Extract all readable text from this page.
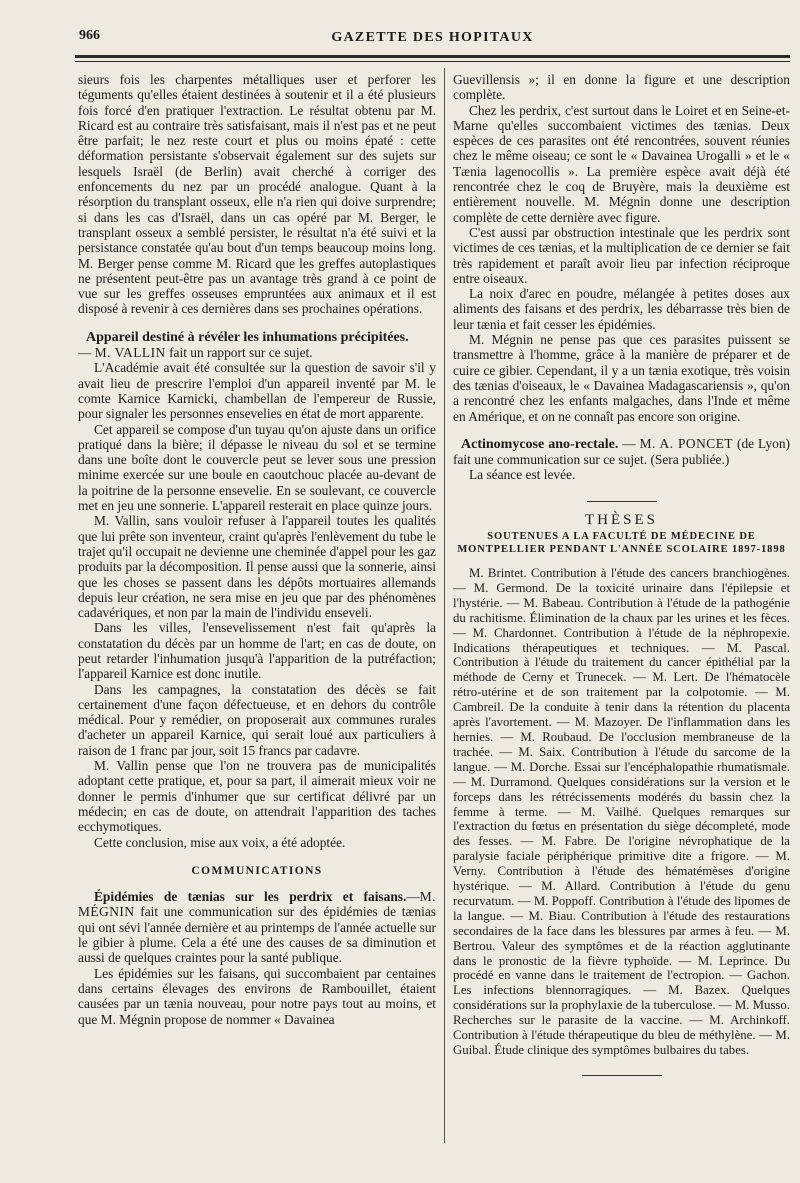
966	GAZETTE DES HOPITAUX

sieurs fois les charpentes métalliques user et perforer les téguments qu'elles étaient destinées à soutenir et il a été plusieurs fois forcé d'en pratiquer l'extraction. Le résultat obtenu par M. Ricard est au contraire très satisfaisant, mais il n'est pas et ne peut être parfait; le nez reste court et plus ou moins épaté : cette déformation persistante s'observait également sur des sujets sur lesquels Israël (de Berlin) avait cherché à corriger des enfoncements du nez par un procédé analogue. Quant à la résorption du transplant osseux, elle n'a rien qui doive surprendre; si dans les cas d'Israël, dans un cas opéré par M. Berger, le transplant osseux a semblé persister, le résultat n'a été suivi et la persistance constatée qu'au bout d'un temps beaucoup moins long. M. Berger pense comme M. Ricard que les greffes autoplastiques ne présentent peut-être pas un avantage très grand à ce point de vue sur les greffes osseuses empruntées aux animaux et il est disposé à revenir à ces dernières dans ses prochaines opérations.

Appareil destiné à révéler les inhumations précipitées.

— M. VALLIN fait un rapport sur ce sujet.

L'Académie avait été consultée sur la question de savoir s'il y avait lieu de prescrire l'emploi d'un appareil inventé par M. le comte Karnice Karnicki, chambellan de l'empereur de Russie, pour signaler les personnes ensevelies en état de mort apparente.

Cet appareil se compose d'un tuyau qu'on ajuste dans un orifice pratiqué dans la bière; il dépasse le niveau du sol et se termine dans une boîte dont le couvercle peut se lever sous une pression minime exercée sur une boule en caoutchouc placée au-devant de la poitrine de la personne ensevelie. En se soulevant, ce couvercle met en jeu une sonnerie. L'appareil resterait en place quinze jours.

M. Vallin, sans vouloir refuser à l'appareil toutes les qualités que lui prête son inventeur, craint qu'après l'enlèvement du tube le trajet qu'il occupait ne devienne une cheminée d'appel pour les gaz produits par la décomposition. Il pense aussi que la sonnerie, ainsi que les choses se passent dans les dépôts mortuaires allemands depuis leur création, ne sera mise en jeu que par des phénomènes cadavériques, et non par la main de l'individu enseveli.

Dans les villes, l'ensevelissement n'est fait qu'après la constatation du décès par un homme de l'art; en cas de doute, on peut retarder l'inhumation jusqu'à l'apparition de la putréfaction; l'appareil Karnice est donc inutile.

Dans les campagnes, la constatation des décès se fait certainement d'une façon défectueuse, et en dehors du contrôle médical. Pour y remédier, on proposerait aux communes rurales d'acheter un appareil Karnice, qui serait loué aux particuliers à raison de 1 franc par jour, soit 15 francs par cadavre.

M. Vallin pense que l'on ne trouvera pas de municipalités adoptant cette pratique, et, pour sa part, il aimerait mieux voir ne donner le permis d'inhumer que sur certificat délivré par un médecin; en cas de doute, on attendrait l'apparition des taches ecchymotiques.

Cette conclusion, mise aux voix, a été adoptée.

COMMUNICATIONS

Épidémies de tænias sur les perdrix et faisans.—M. MÉGNIN fait une communication sur des épidémies de tænias qui ont sévi l'année dernière et au printemps de l'année actuelle sur le gibier à plume. Cela a été une des causes de sa diminution et aussi de quelques craintes pour la santé publique.

Les épidémies sur les faisans, qui succombaient par centaines dans certains élevages des environs de Rambouillet, étaient causées par un tænia nouveau, pour notre pays tout au moins, et que M. Mégnin propose de nommer « Davainea

Guevillensis »; il en donne la figure et une description complète.

Chez les perdrix, c'est surtout dans le Loiret et en Seine-et-Marne qu'elles succombaient victimes des tænias. Deux espèces de ces parasites ont été rencontrées, souvent réunies chez le même oiseau; ce sont le « Davainea Urogalli » et le « Tænia lagenocollis ». La première espèce avait déjà été rencontrée chez le coq de Bruyère, mais la deuxième est entièrement nouvelle. M. Mégnin donne une description complète de cette dernière avec figure.

C'est aussi par obstruction intestinale que les perdrix sont victimes de ces tænias, et la multiplication de ce dernier se fait très rapidement et paraît avoir lieu par infection réciproque entre oiseaux.

La noix d'arec en poudre, mélangée à petites doses aux aliments des faisans et des perdrix, les débarrasse très bien de leur tænia et fait cesser les épidémies.

M. Mégnin ne pense pas que ces parasites puissent se transmettre à l'homme, grâce à la manière de préparer et de cuire ce gibier. Cependant, il y a un tænia exotique, très voisin des tænias d'oiseaux, le « Davainea Madagascariensis », qu'on a rencontré chez les enfants malgaches, dans l'Inde et même en Amérique, et on ne connaît pas encore son origine.

Actinomycose ano-rectale. — M. A. PONCET (de Lyon) fait une communication sur ce sujet. (Sera publiée.)

La séance est levée.

THÈSES

SOUTENUES A LA FACULTÉ DE MÉDECINE DE MONTPELLIER PENDANT L'ANNÉE SCOLAIRE 1897-1898

M. Brintet. Contribution à l'étude des cancers branchiogènes. — M. Germond. De la toxicité urinaire dans l'épilepsie et l'hystérie. — M. Babeau. Contribution à l'étude de la pathogénie du rachitisme. Élimination de la chaux par les urines et les fèces. — M. Chardonnet. Contribution à l'étude de la néphropexie. Indications thérapeutiques et techniques. — M. Pascal. Contribution à l'étude du traitement du cancer épithélial par la méthode de Cerny et Trunecek. — M. Lert. De l'hématocèle rétro-utérine et de son traitement par la colpotomie. — M. Cambreil. De la conduite à tenir dans la rétention du placenta après l'avortement. — M. Mazoyer. De l'inflammation dans les hernies. — M. Roubaud. De l'occlusion membraneuse de la trachée. — M. Saix. Contribution à l'étude du sarcome de la langue. — M. Dorche. Essai sur l'encéphalopathie rhumatismale. — M. Durramond. Quelques considérations sur la version et le forceps dans les rétrécissements modérés du bassin chez la femme à terme. — M. Vailhé. Quelques remarques sur l'extraction du fœtus en présentation du siège décompleté, mode des fesses. — M. Fabre. De l'origine névrophatique de la paralysie faciale périphérique primitive dite a frigore. — M. Verny. Contribution à l'étude des hématémèses d'origine hystérique. — M. Allard. Contribution à l'étude du genu recurvatum. — M. Poppoff. Contribution à l'étude des lipomes de la langue. — M. Biau. Contribution à l'étude des restaurations secondaires de la face dans les blessures par armes à feu. — M. Bertrou. Valeur des symptômes et de la réaction agglutinante dans le pronostic de la fièvre typhoïde. — M. Leprince. Du procédé en vanne dans le traitement de l'ectropion. — Gachon. Les infections blennorragiques. — M. Bazex. Quelques considérations sur la prophylaxie de la tuberculose. — M. Musso. Recherches sur le parasite de la vaccine. — M. Archinkoff. Contribution à l'étude thérapeutique du bleu de méthylène. — M. Guibal. Étude clinique des symptômes bulbaires du tabes.
